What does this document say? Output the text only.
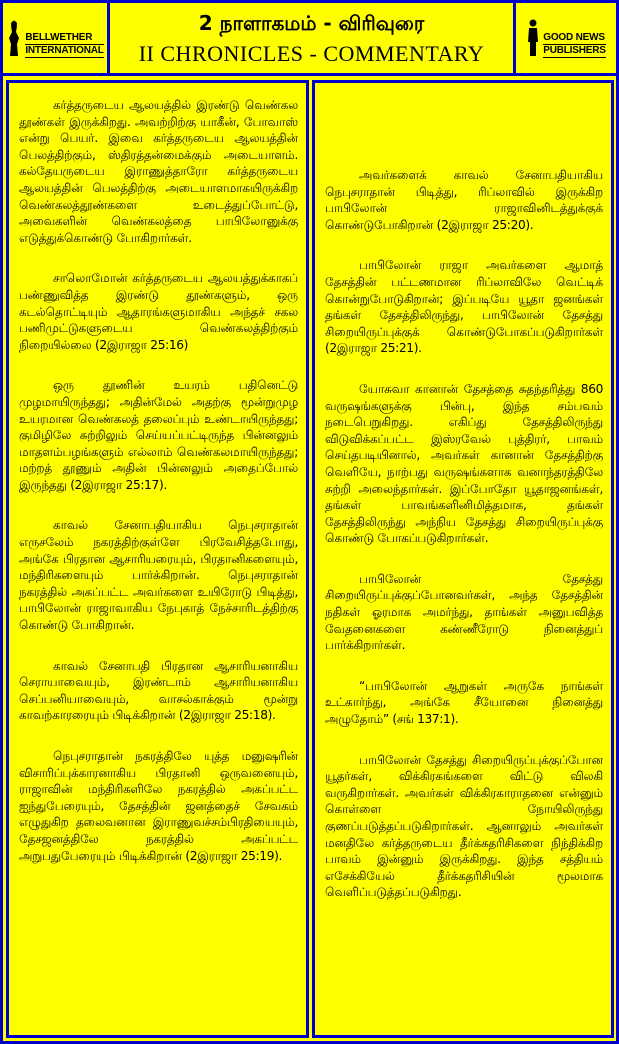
BELLWETHER
INTERNATIONAL
2 நாளாகமம் - விரிவுரை
II CHRONICLES - COMMENTARY
GOOD NEWS
PUBLISHERS

கர்த்தருடைய ஆலயத்தில் இரண்டு வெண்கல தூண்கள் இருக்கிறது. அவற்றிற்கு யாகீன், போவாஸ் என்று பெயர். இவை கர்த்தருடைய ஆலயத்தின் பெலத்திற்கும், ஸ்திரத்தன்மைக்கும் அடையாளம். கல்தேயருடைய இராணுத்தாரோ கர்த்தருடைய ஆலயத்தின் பெலத்திற்கு அடையாளமாகயிருக்கிற வெண்கலத்தூண்களை உடைத்துப்போட்டு, அவைகளின் வெண்கலத்தை பாபிலோனுக்கு எடுத்துக்கொண்டு போகிறார்கள்.

சாலொமோன் கர்த்தருடைய ஆலயத்துக்காகப் பண்ணுவித்த இரண்டு தூண்களும், ஒரு கடல்தொட்டியும் ஆதாரங்களுமாகிய அந்தச் சகல பணிமுட்டுகளுடைய வெண்கலத்திற்கும் நிறையில்லை (2இராஜா 25:16)

ஒரு தூணின் உயரம் பதினெட்டு முழமாயிருந்தது; அதின்மேல் அதற்கு மூன்றுமுழ உயரமான வெண்கலத் தலைப்பும் உண்டாயிருந்தது; குமிழிலே சுற்றிலும் செய்யப்பட்டிருந்த பின்னலும் மாதளம்பழங்களும் எல்லாம் வெண்கலமாயிருந்தது; மற்றத் தூணும் அதின் பின்னலும் அதைப்போல் இருந்தது (2இராஜா 25:17).

காவல் சேனாபதியாகிய நெபுசராதான் எருசலேம் நகரத்திற்குள்ளே பிரவேசித்தபோது, அங்கே பிரதான ஆசாரியரையும், பிரதானிகளையும், மந்திரிகளையும் பார்க்கிறான். நெபுசராதான் நகரத்தில் அகப்பட்ட அவர்களை உயிரோடு பிடித்து, பாபிலோன் ராஜாவாகிய நேபுகாத் நேச்சாரிடத்திற்கு கொண்டு போகிறான்.

காவல் சேனாபதி பிரதான ஆசாரியனாகிய செராயாவையும், இரண்டாம் ஆசாரியனாகிய செப்பனியாவையும், வாசல்காக்கும் மூன்று காவற்காரரையும் பிடிக்கிறான் (2இராஜா 25:18).

நெபுசராதான் நகரத்திலே யுத்த மனுஷரின் விசாரிப்புக்காரனாகிய பிரதானி ஒருவனையும், ராஜாவின் மந்திரிகளிலே நகரத்தில் அகப்பட்ட ஐந்துபேரையும், தேசத்தின் ஜனத்தைச் சேவகம் எழுதுகிற தலைவனான இராணுவச்சம்பிரதியையும், தேசஜனத்திலே நகரத்தில் அகப்பட்ட அறுபதுபேரையும் பிடிக்கிறான் (2இராஜா 25:19).

அவர்களைக் காவல் சேனாபதியாகிய நெபுசராதான் பிடித்து, ரிப்லாவில் இருக்கிற பாபிலோன் ராஜாவினிடத்துக்குக் கொண்டுபோகிறான் (2இராஜா 25:20).

பாபிலோன் ராஜா அவர்களை ஆமாத் தேசத்தின் பட்டணமான ரிப்லாவிலே வெட்டிக் கொன்றுபோடுகிறான்; இப்படியே யூதா ஜனங்கள் தங்கள் தேசத்திலிருந்து, பாபிலோன் தேசத்து சிறையிருப்புக்குக் கொண்டுபோகப்படுகிறார்கள் (2இராஜா 25:21).

யோசுவா கானான் தேசத்தை சுதந்தரித்து 860 வருஷங்களுக்கு பின்பு, இந்த சம்பவம் நடைபெறுகிறது. எகிப்து தேசத்திலிருந்து விடுவிக்கப்பட்ட இஸ்ரவேல் புத்திரர், பாவம் செய்தபடியினால், அவர்கள் கானான் தேசத்திற்கு வெளியே, நாற்பது வருஷங்களாக வனாந்தரத்திலே சுற்றி அலைந்தார்கள். இப்போதோ யூதாஜனங்கள், தங்கள் பாவங்களினிமித்தமாக, தங்கள் தேசத்திலிருந்து அந்நிய தேசத்து சிறையிருப்புக்கு கொண்டு போகப்படுகிறார்கள்.

பாபிலோன் தேசத்து சிறையிருப்புக்குப்போனவர்கள், அந்த தேசத்தின் நதிகள் ஓரமாக அமர்ந்து, தாங்கள் அனுபவித்த வேதனைகளை கண்ணீரோடு நினைத்துப் பார்க்கிறார்கள்.

“பாபிலோன் ஆறுகள் அருகே நாங்கள் உட்கார்ந்து, அங்கே சீயோனை நினைத்து அழுதோம்” (சங் 137:1).

பாபிலோன் தேசத்து சிறையிருப்புக்குப்போன யூதர்கள், விக்கிரகங்களை விட்டு விலகி வருகிறார்கள். அவர்கள் விக்கிரகாராதனை என்னும் கொள்ளை நோயிலிருந்து குணப்படுத்தப்படுகிறார்கள். ஆனாலும் அவர்கள் மனதிலே கர்த்தருடைய தீர்க்கதரிசிகளை நிந்திக்கிற பாவம் இன்னும் இருக்கிறது. இந்த சத்தியம் எசேக்கியேல் தீர்க்கதரிசியின் மூலமாக வெளிப்படுத்தப்படுகிறது.
